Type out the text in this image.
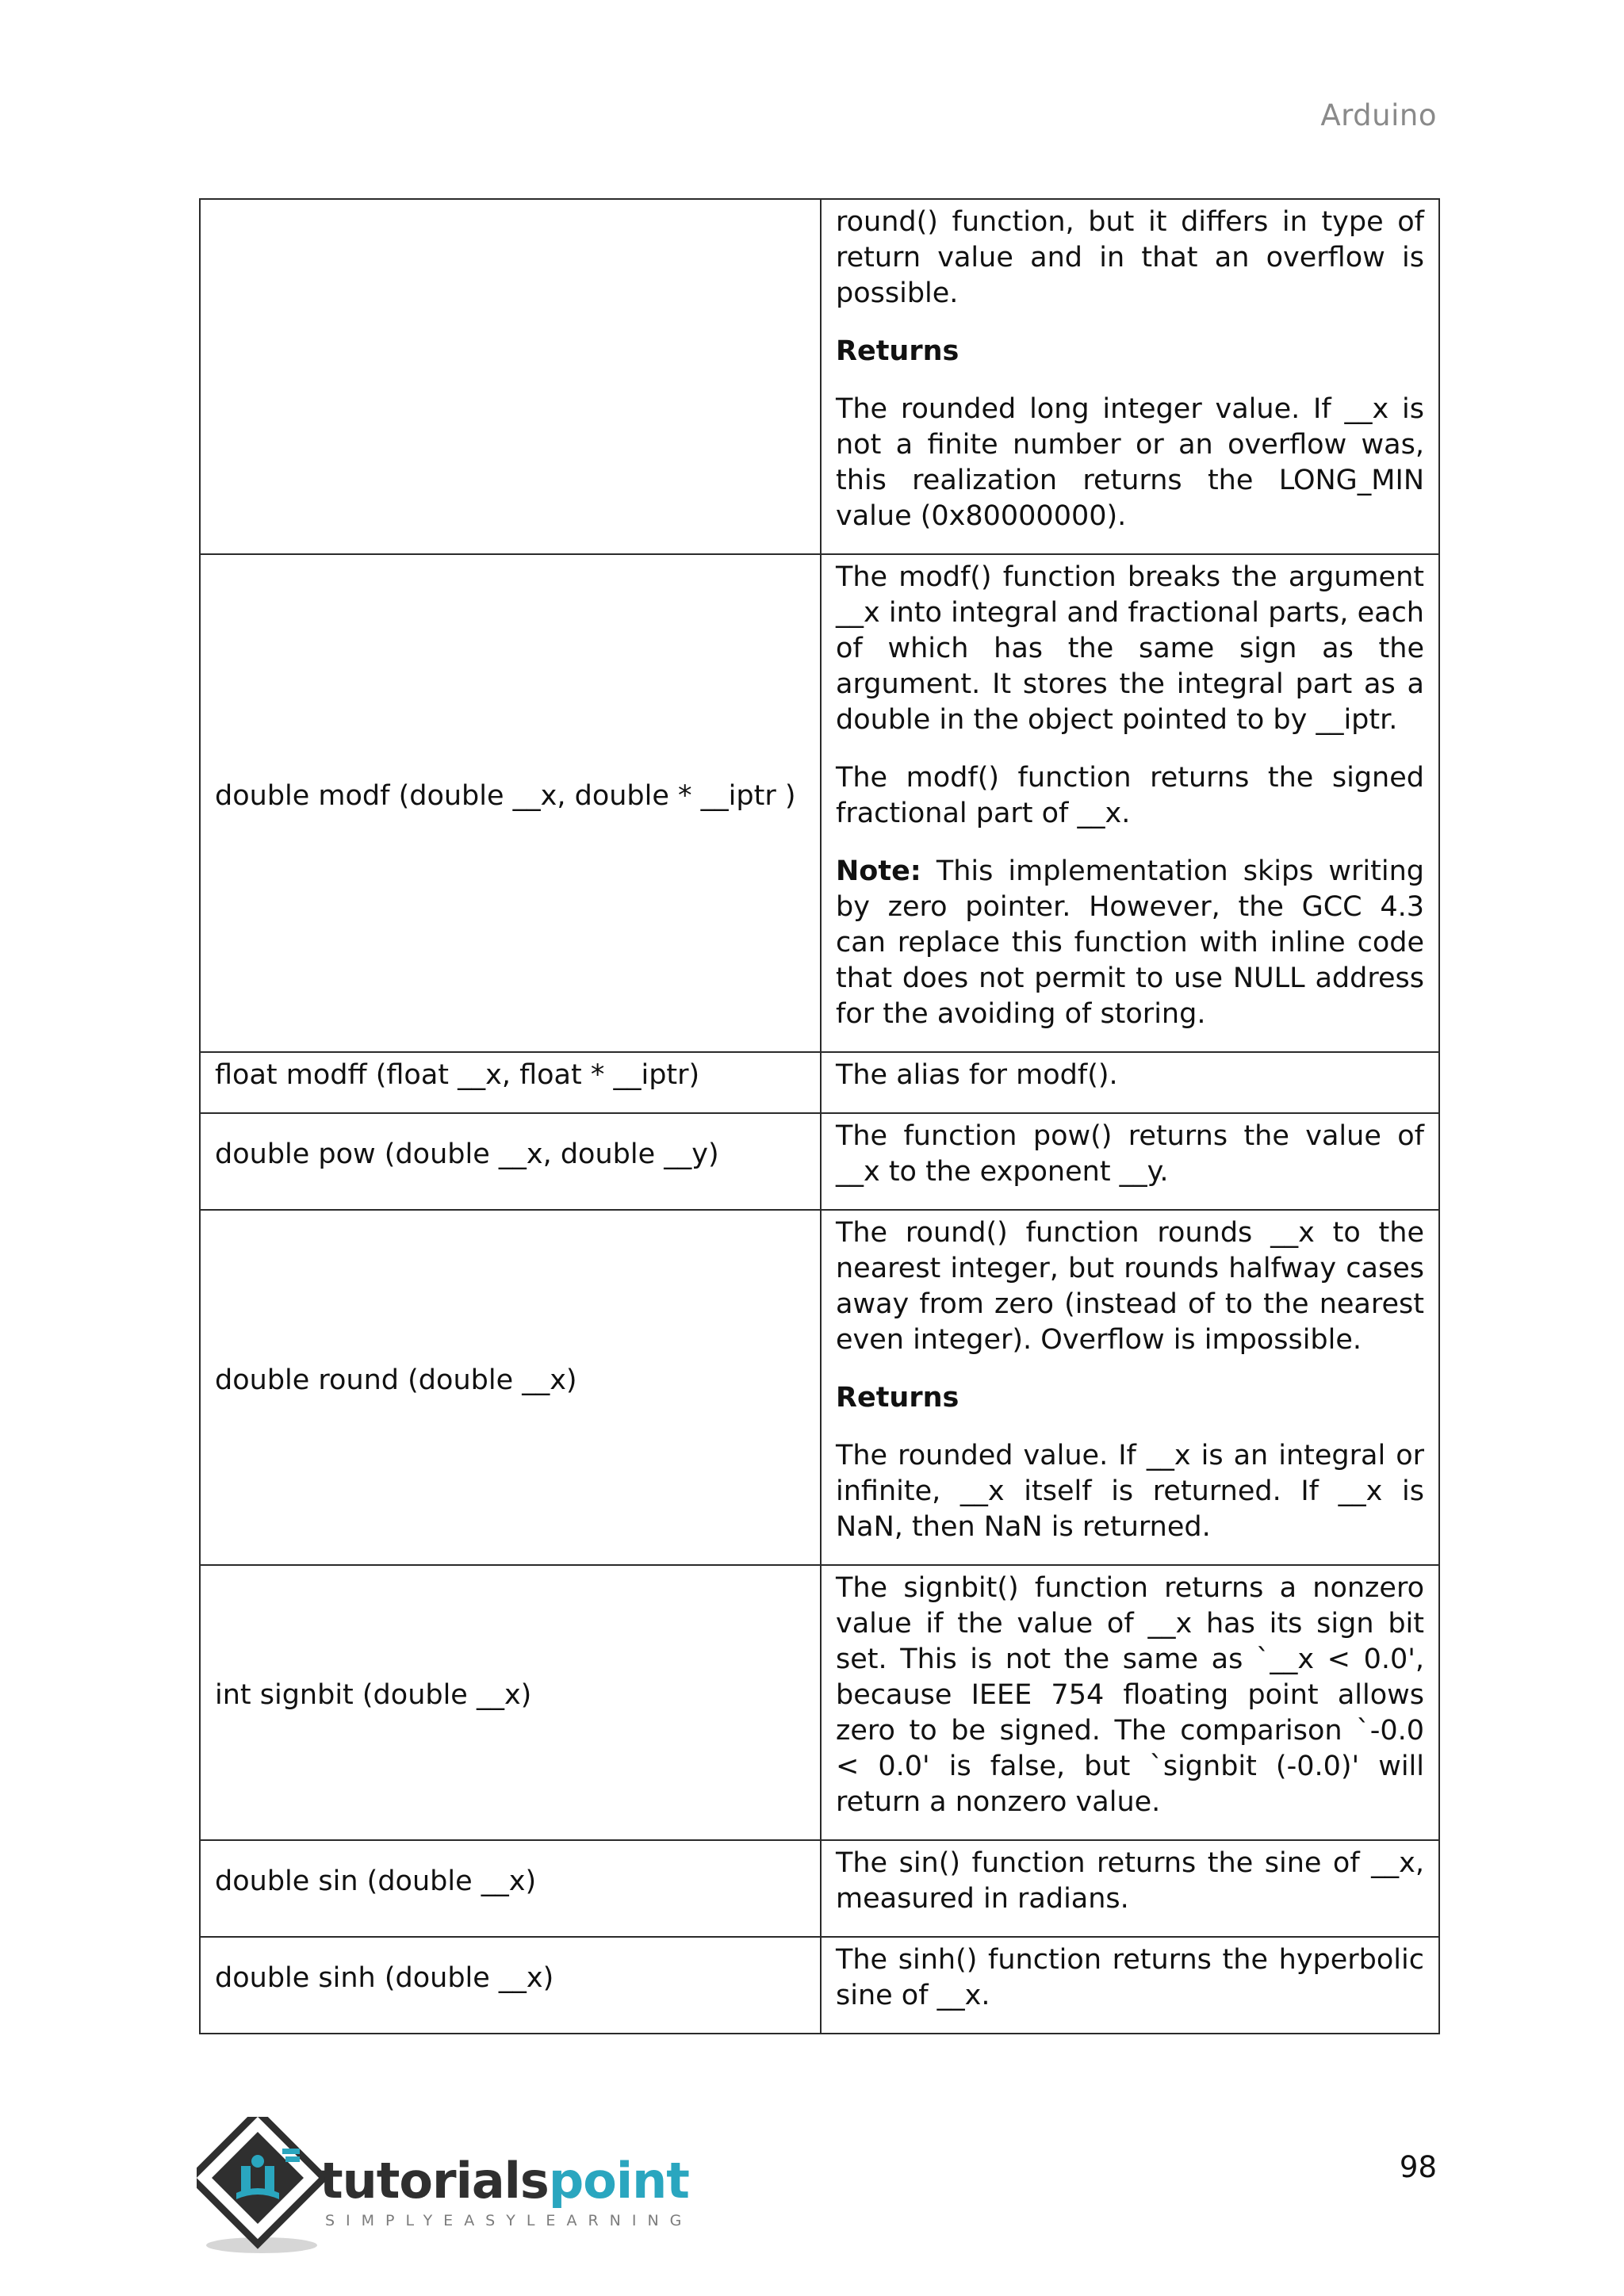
Arduino

	round() function, but it differs in type of return value and in that an overflow is possible.

Returns

The rounded long integer value. If __x is not a finite number or an overflow was, this realization returns the LONG_MIN value (0x80000000).

double modf (double __x, double * __iptr )	The modf() function breaks the argument __x into integral and fractional parts, each of which has the same sign as the argument. It stores the integral part as a double in the object pointed to by __iptr.

The modf() function returns the signed fractional part of __x.

Note: This implementation skips writing by zero pointer. However, the GCC 4.3 can replace this function with inline code that does not permit to use NULL address for the avoiding of storing.

float modff (float __x, float * __iptr)	The alias for modf().

double pow (double __x, double __y)	The function pow() returns the value of __x to the exponent __y.

double round (double __x)	The round() function rounds __x to the nearest integer, but rounds halfway cases away from zero (instead of to the nearest even integer). Overflow is impossible.

Returns

The rounded value. If __x is an integral or infinite, __x itself is returned. If __x is NaN, then NaN is returned.

int signbit (double __x)	The signbit() function returns a nonzero value if the value of __x has its sign bit set. This is not the same as `__x < 0.0', because IEEE 754 floating point allows zero to be signed. The comparison `-0.0 < 0.0' is false, but `signbit (-0.0)' will return a nonzero value.

double sin (double __x)	The sin() function returns the sine of __x, measured in radians.

double sinh (double __x)	The sinh() function returns the hyperbolic sine of __x.

tutorialspoint
SIMPLYEASYLEARNING
98
